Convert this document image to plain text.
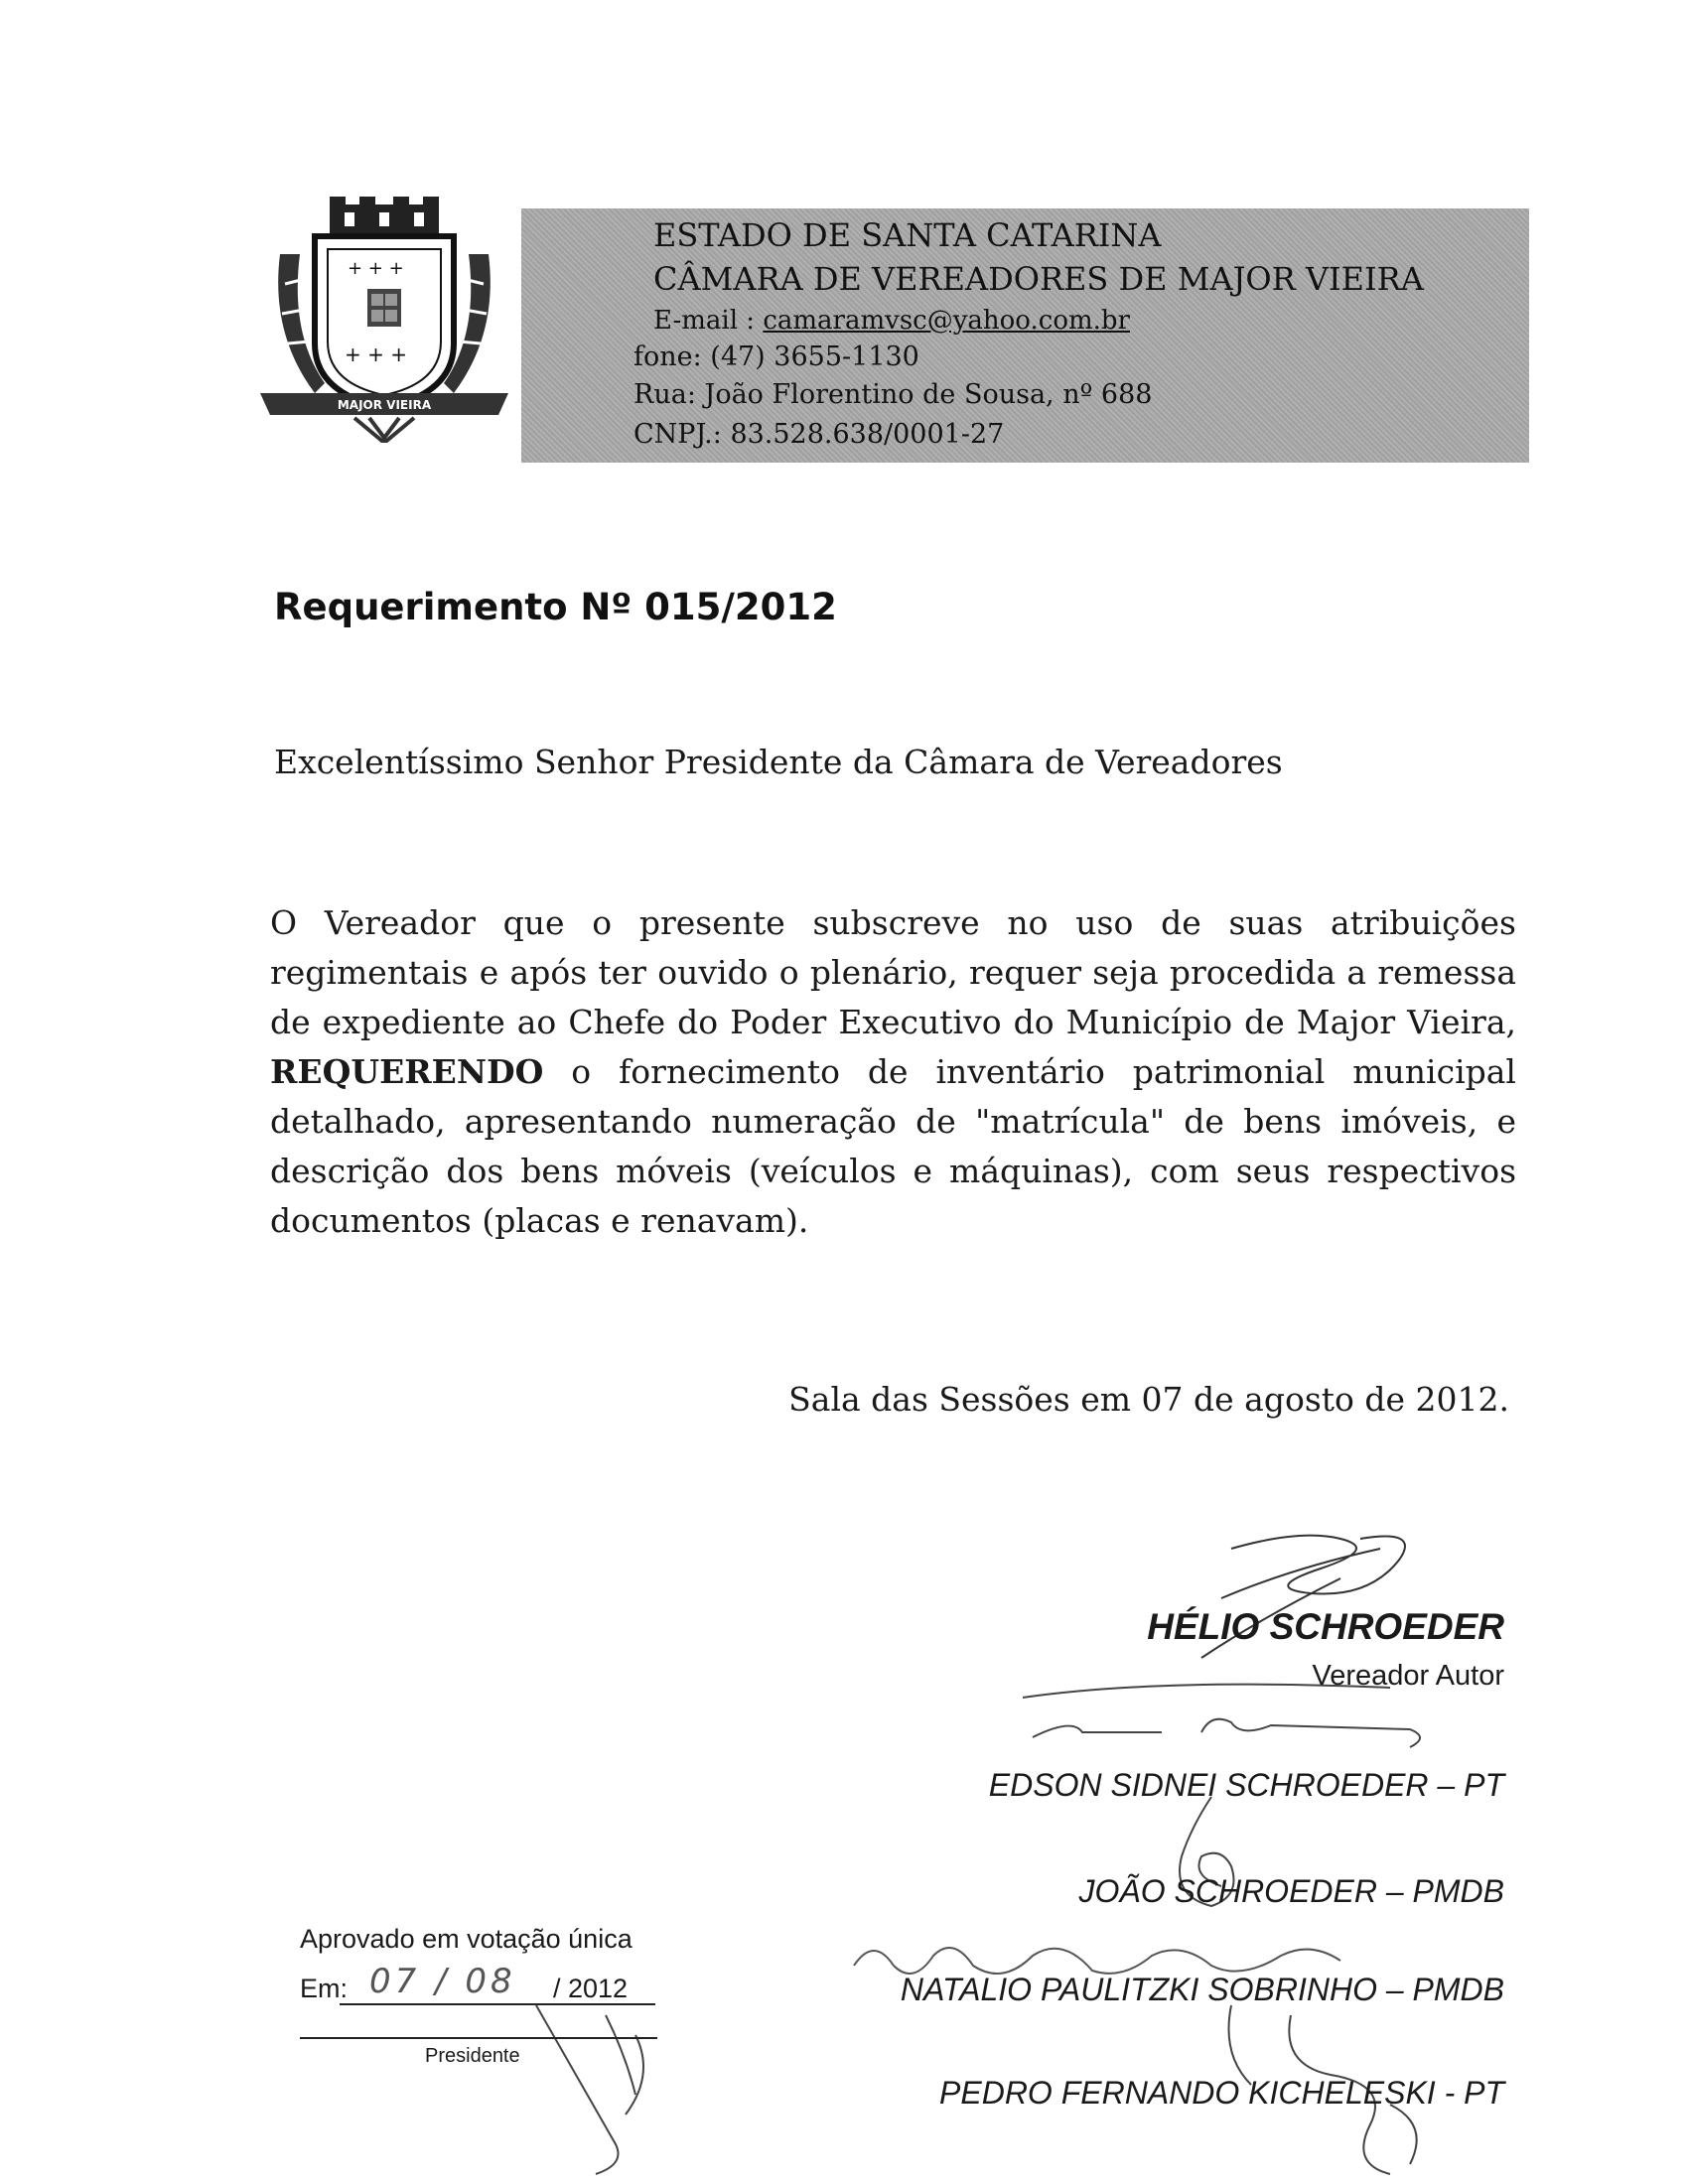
+ + +
+ + +
MAJOR VIEIRA
ESTADO DE SANTA CATARINA
CÂMARA DE VEREADORES DE MAJOR VIEIRA
E-mail : camaramvsc@yahoo.com.br
fone: (47) 3655-1130
Rua: João Florentino de Sousa, nº 688
CNPJ.: 83.528.638/0001-27
Requerimento Nº 015/2012
Excelentíssimo Senhor Presidente da Câmara de Vereadores
O Vereador que o presente subscreve no uso de suas atribuições regimentais e após ter ouvido o plenário, requer seja procedida a remessa de expediente ao Chefe do Poder Executivo do Município de Major Vieira, REQUERENDO o fornecimento de inventário patrimonial municipal detalhado, apresentando numeração de "matrícula" de bens imóveis, e descrição dos bens móveis (veículos e máquinas), com seus respectivos documentos (placas e renavam).
Sala das Sessões em 07 de agosto de 2012.
HÉLIO SCHROEDER
Vereador Autor
EDSON SIDNEI SCHROEDER – PT
JOÃO SCHROEDER – PMDB
NATALIO PAULITZKI SOBRINHO – PMDB
PEDRO FERNANDO KICHELESKI - PT
Aprovado em votação única
Em: 07 / 08 / 2012
Presidente
